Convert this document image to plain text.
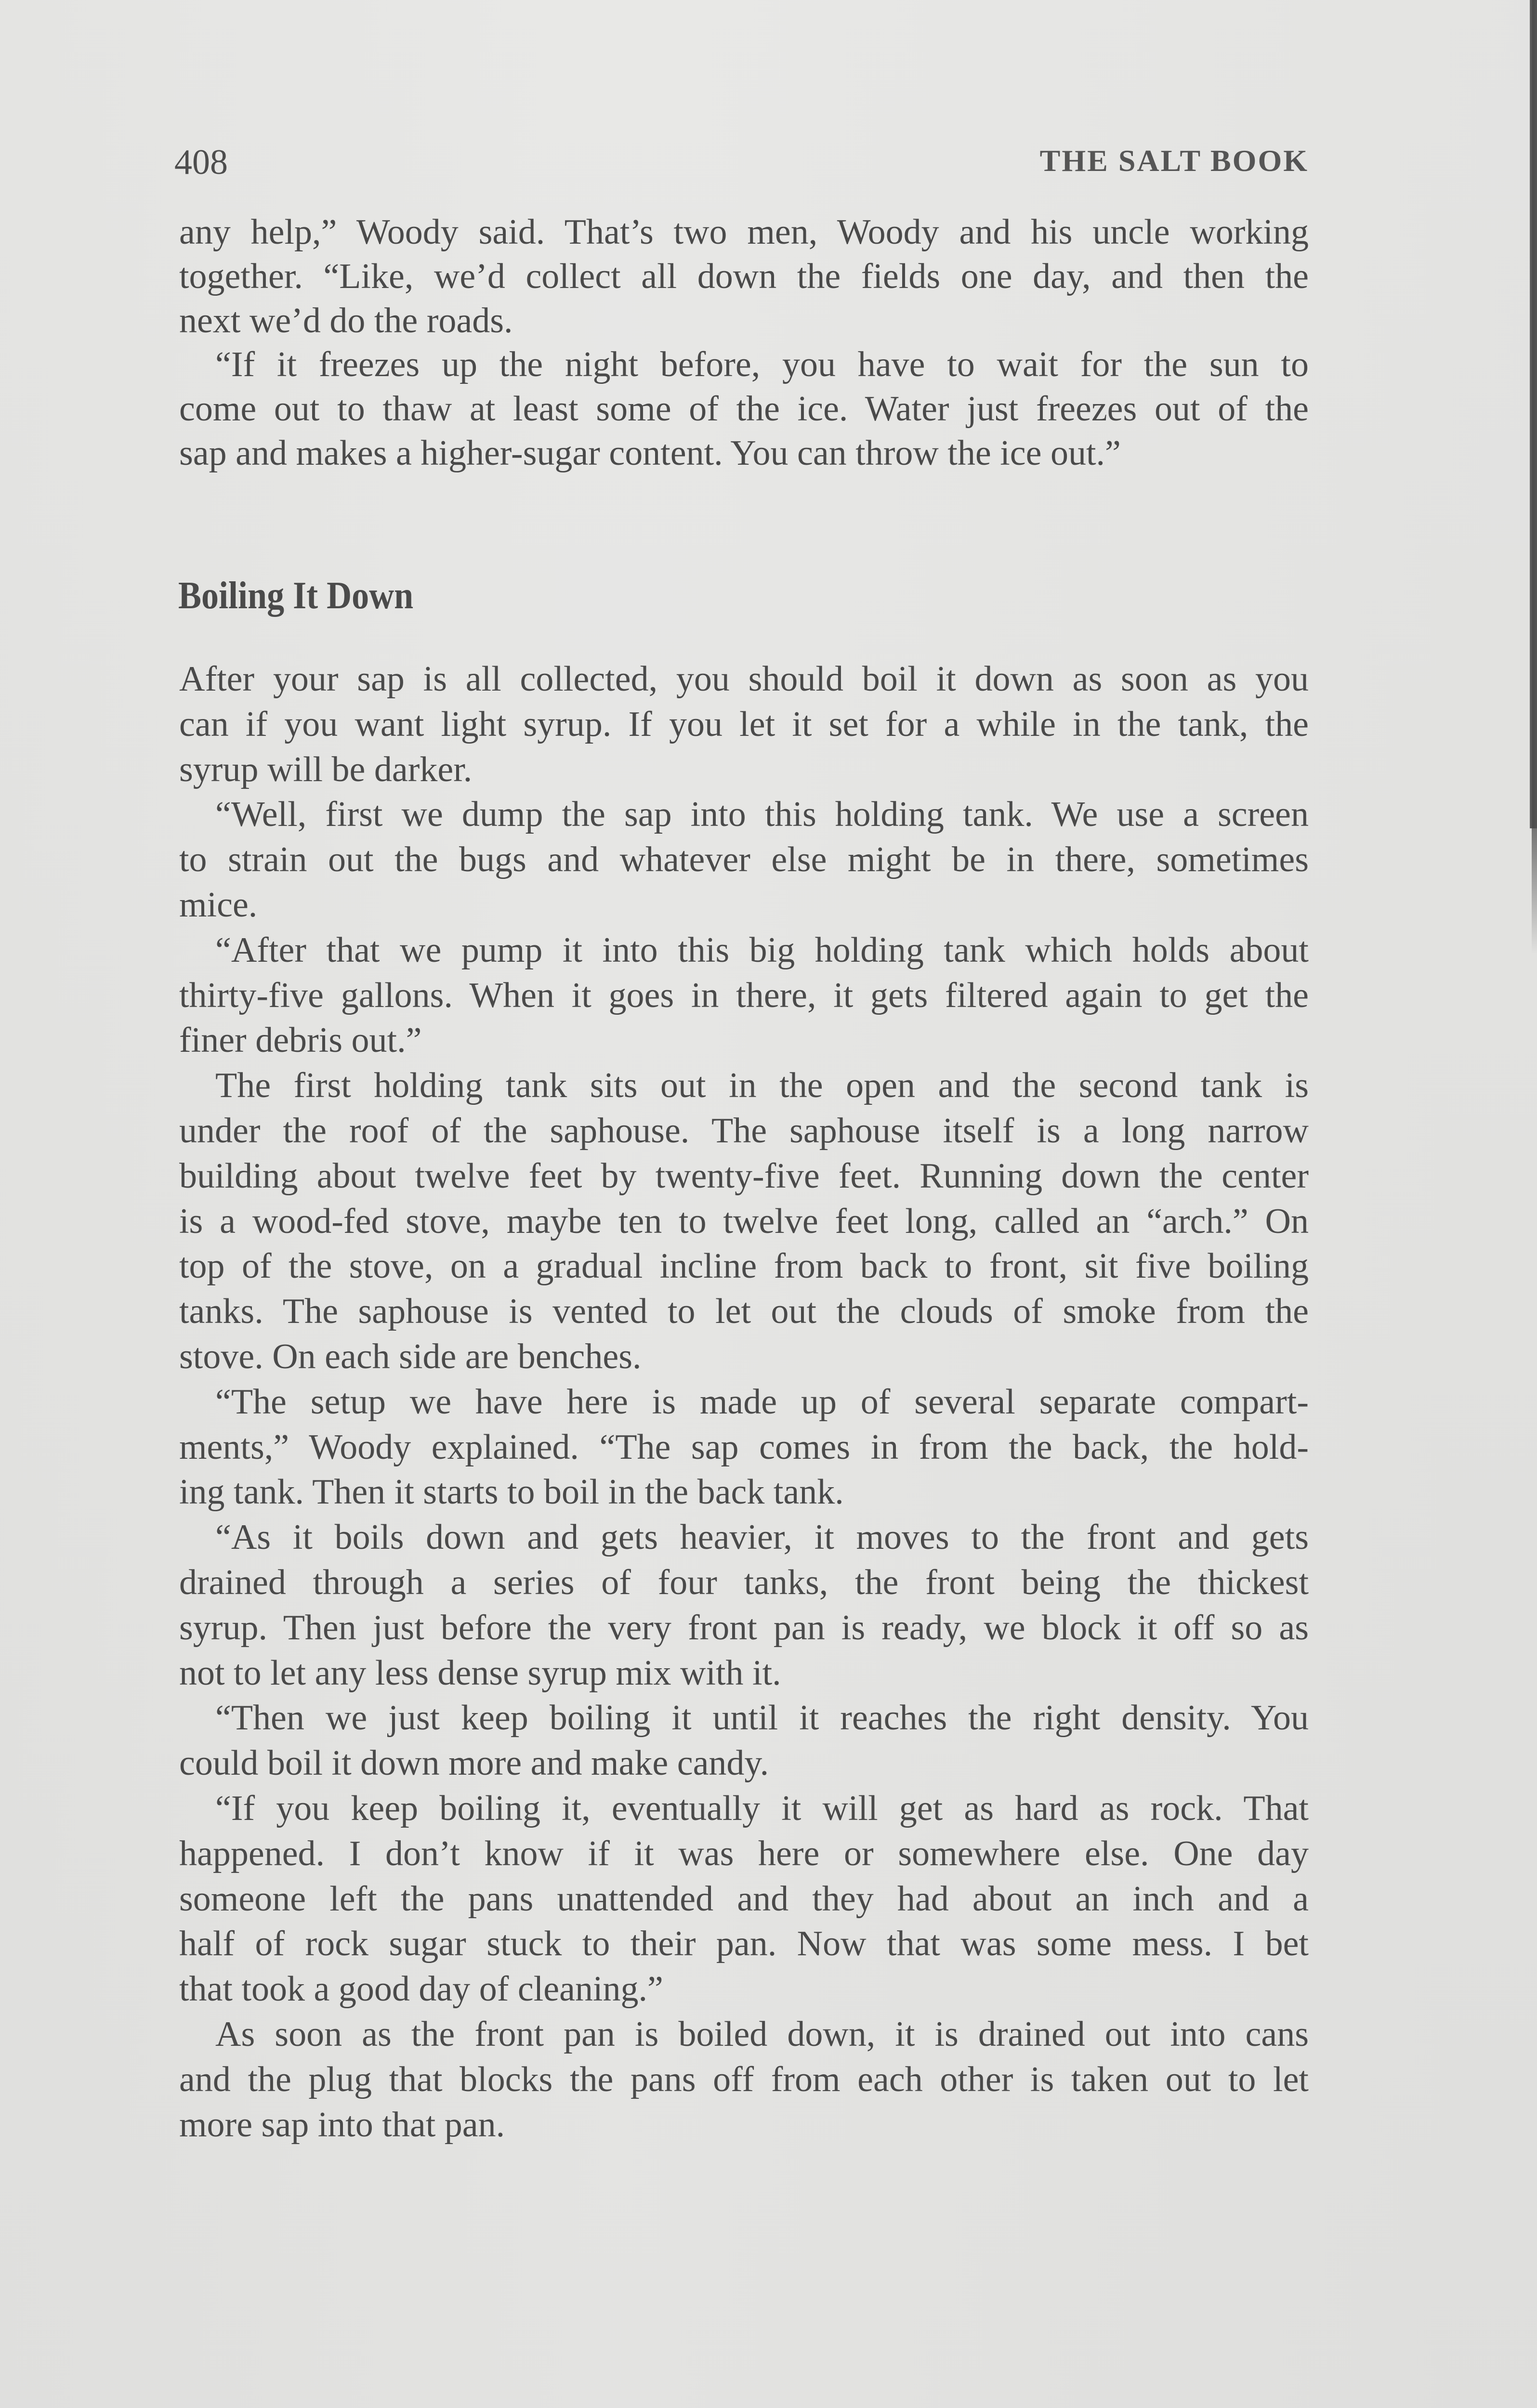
408	THE SALT BOOK
any help,” Woody said. That’s two men, Woody and his uncle working
together. “Like, we’d collect all down the fields one day, and then the
next we’d do the roads.
“If it freezes up the night before, you have to wait for the sun to
come out to thaw at least some of the ice. Water just freezes out of the
sap and makes a higher-sugar content. You can throw the ice out.”
Boiling It Down
After your sap is all collected, you should boil it down as soon as you
can if you want light syrup. If you let it set for a while in the tank, the
syrup will be darker.
“Well, first we dump the sap into this holding tank. We use a screen
to strain out the bugs and whatever else might be in there, sometimes
mice.
“After that we pump it into this big holding tank which holds about
thirty-five gallons. When it goes in there, it gets filtered again to get the
finer debris out.”
The first holding tank sits out in the open and the second tank is
under the roof of the saphouse. The saphouse itself is a long narrow
building about twelve feet by twenty-five feet. Running down the center
is a wood-fed stove, maybe ten to twelve feet long, called an “arch.” On
top of the stove, on a gradual incline from back to front, sit five boiling
tanks. The saphouse is vented to let out the clouds of smoke from the
stove. On each side are benches.
“The setup we have here is made up of several separate compart-
ments,” Woody explained. “The sap comes in from the back, the hold-
ing tank. Then it starts to boil in the back tank.
“As it boils down and gets heavier, it moves to the front and gets
drained through a series of four tanks, the front being the thickest
syrup. Then just before the very front pan is ready, we block it off so as
not to let any less dense syrup mix with it.
“Then we just keep boiling it until it reaches the right density. You
could boil it down more and make candy.
“If you keep boiling it, eventually it will get as hard as rock. That
happened. I don’t know if it was here or somewhere else. One day
someone left the pans unattended and they had about an inch and a
half of rock sugar stuck to their pan. Now that was some mess. I bet
that took a good day of cleaning.”
As soon as the front pan is boiled down, it is drained out into cans
and the plug that blocks the pans off from each other is taken out to let
more sap into that pan.
